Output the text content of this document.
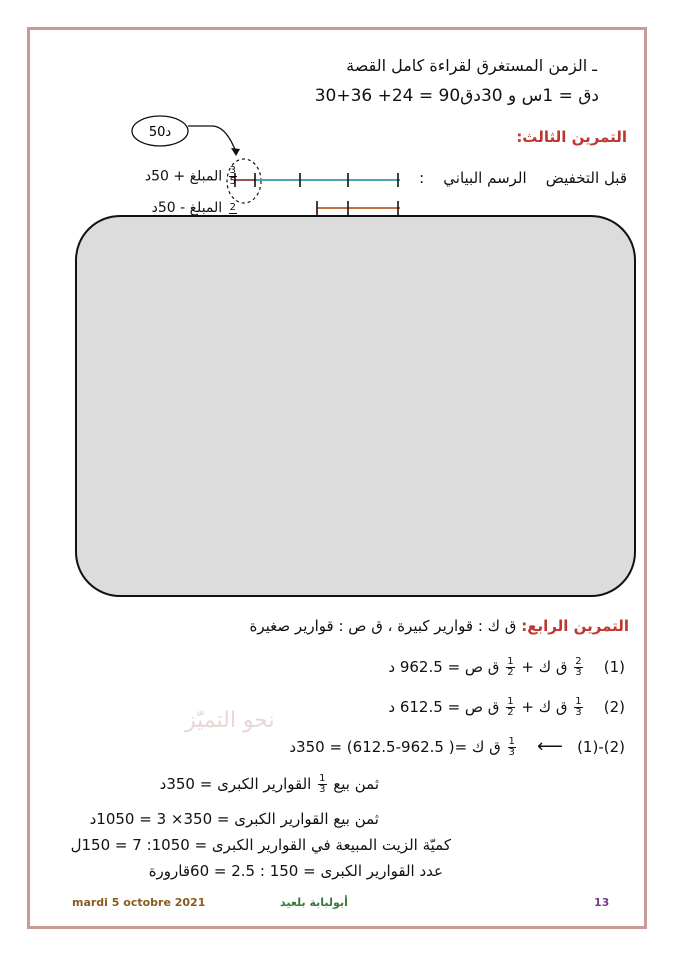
ـ الزمن المستغرق لقراءة كامل القصة
30+36 +24 = 90دق = 1س و 30دق
التمرين الثالث:
قبل التخفيض    الرسم البياني    :
$\frac{3}{5}$
المبلغ + 50د
2
المبلغ - 50د
50د
نحو التميّز
التمرين الرابع: ق ك : قوارير كبيرة ، ق ص : قوارير صغيرة
(1)
$\frac{2}{3}$
ق ك +
$\frac{1}{2}$
ق ص = 962.5 د
(2)
$\frac{1}{3}$
ق ك +
$\frac{1}{2}$
ق ص = 612.5 د
(1)-(2)   ⟵
$\frac{1}{3}$
ق ك =( 962.5-612.5) = 350د
ثمن بيع
$\frac{1}{3}$
القوارير الكبرى = 350د
ثمن بيع القوارير الكبرى = 350× 3 = 1050د
كميّة الزيت المبيعة في القوارير الكبرى = 1050: 7 = 150ل
عدد القوارير الكبرى = 150 : 2.5 = 60قارورة
mardi 5 octobre 2021	أبولبابة بلعيد	13
